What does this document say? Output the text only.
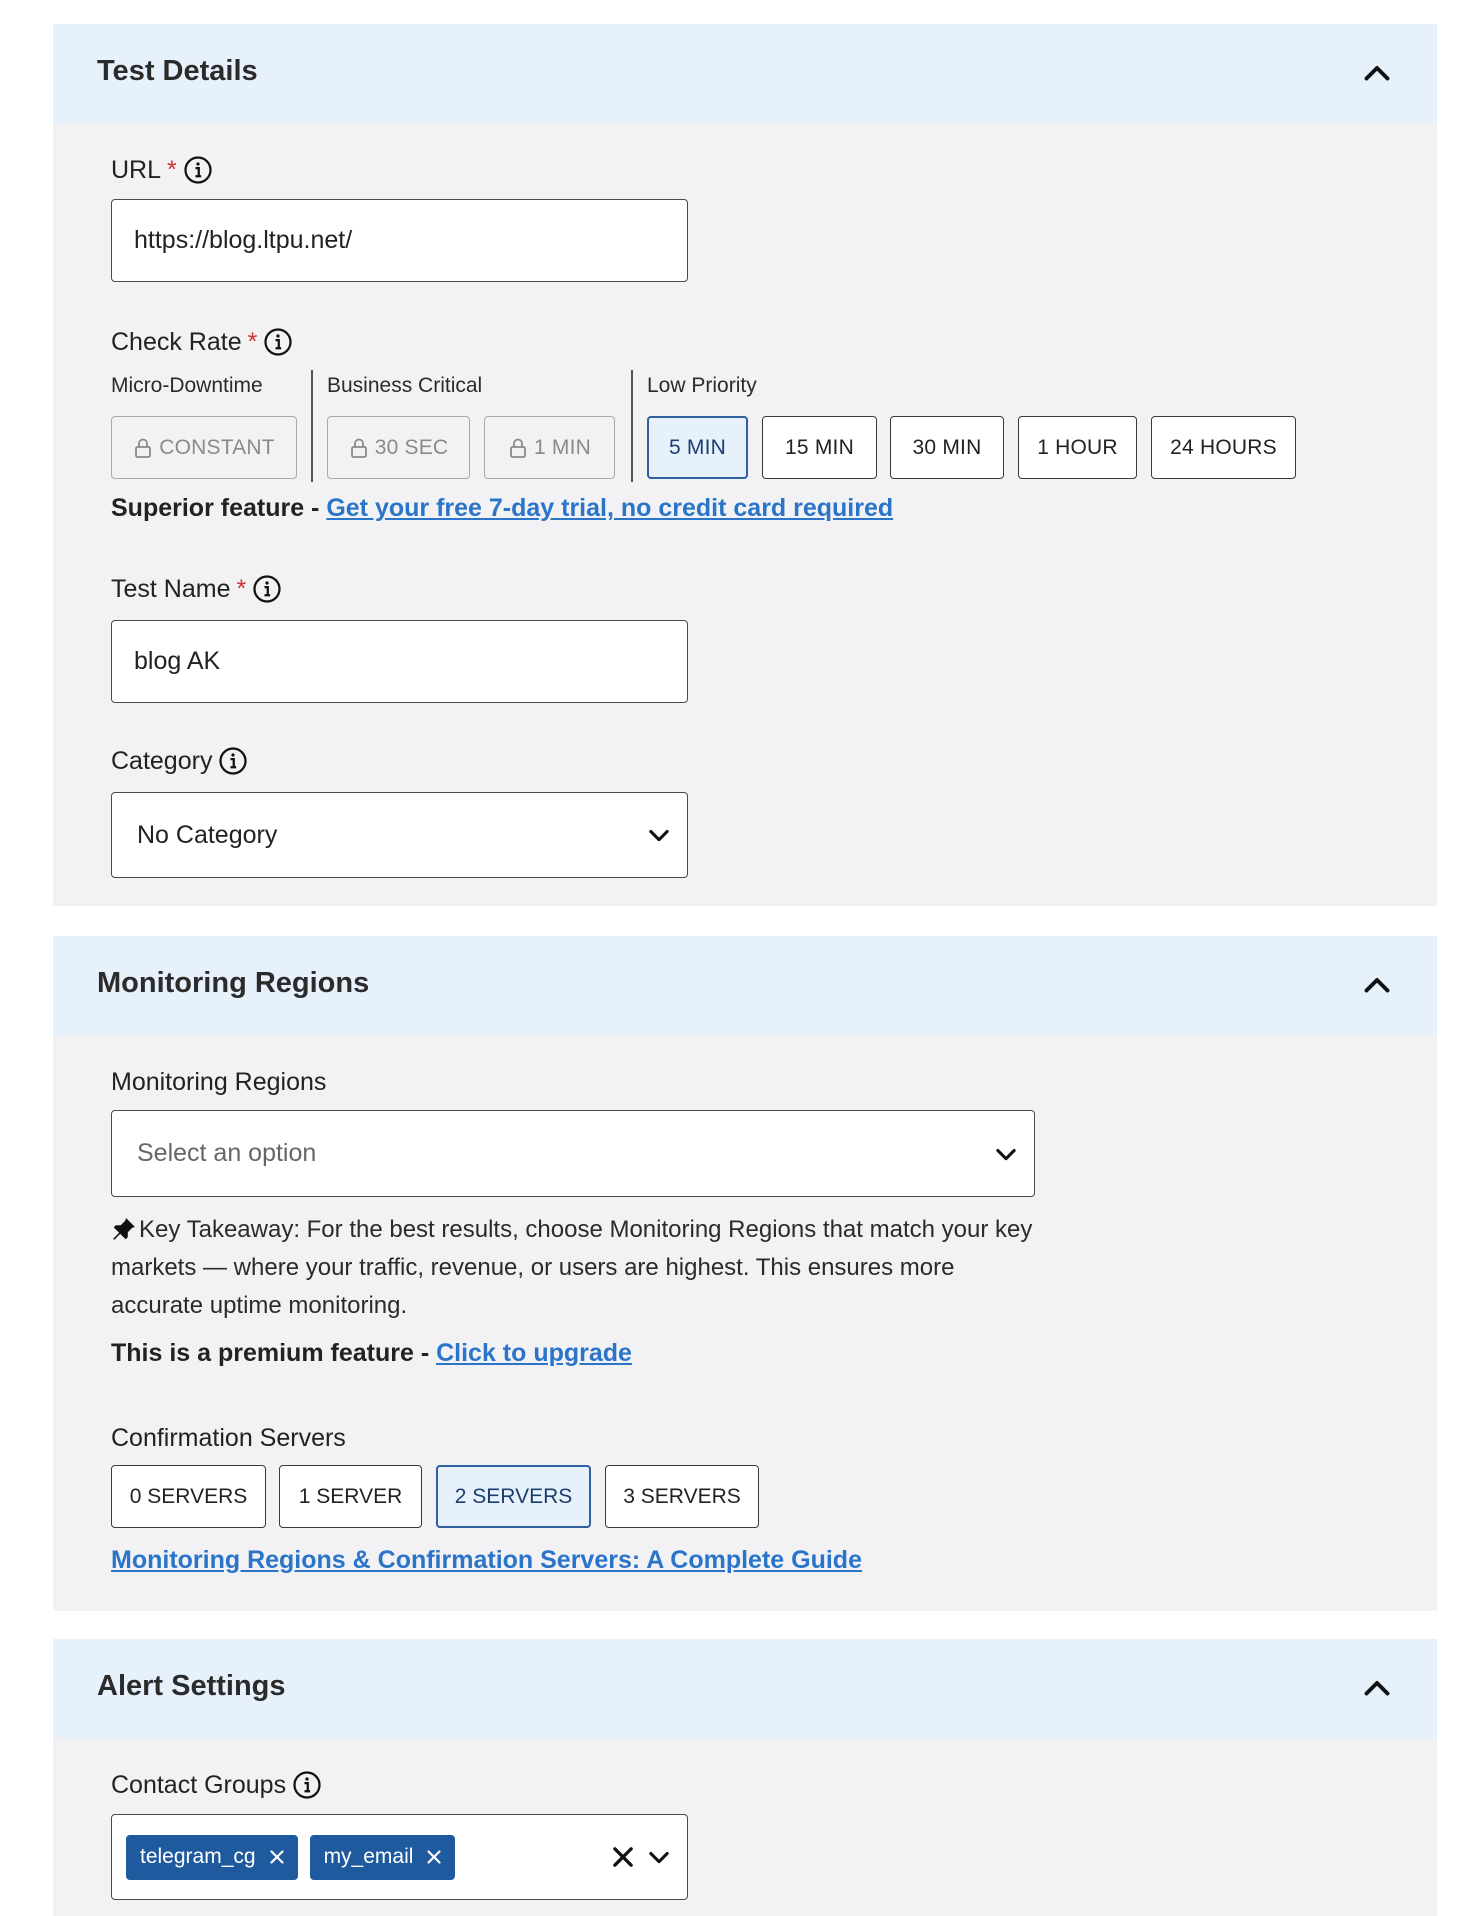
Test Details
URL *
https://blog.ltpu.net/
Check Rate *
Micro-Downtime	Business Critical	Low Priority
CONSTANT	30 SEC	1 MIN	5 MIN	15 MIN	30 MIN	1 HOUR	24 HOURS
Superior feature - Get your free 7-day trial, no credit card required
Test Name *
blog AK
Category
No Category
Monitoring Regions
Monitoring Regions
Select an option
Key Takeaway: For the best results, choose Monitoring Regions that match your key markets — where your traffic, revenue, or users are highest. This ensures more accurate uptime monitoring.
This is a premium feature - Click to upgrade
Confirmation Servers
0 SERVERS	1 SERVER	2 SERVERS	3 SERVERS
Monitoring Regions & Confirmation Servers: A Complete Guide
Alert Settings
Contact Groups
telegram_cg	my_email
